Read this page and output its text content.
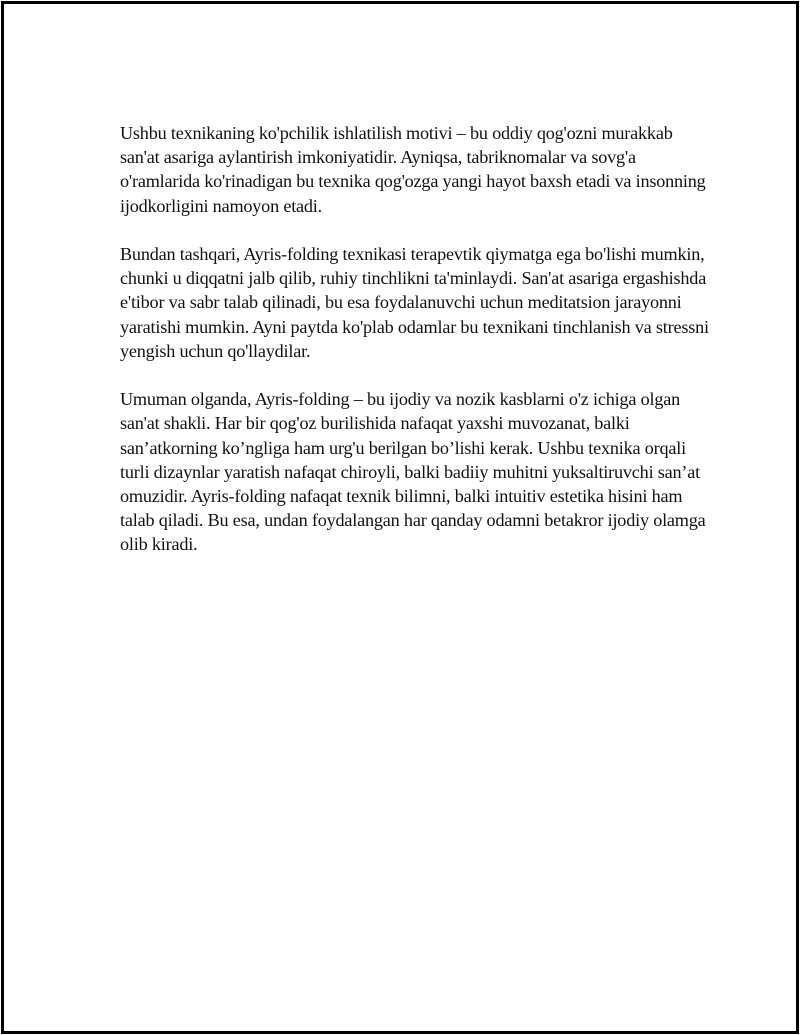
Ushbu texnikaning ko'pchilik ishlatilish motivi – bu oddiy qog'ozni murakkab san'at asariga aylantirish imkoniyatidir. Ayniqsa, tabriknomalar va sovg'a o'ramlarida ko'rinadigan bu texnika qog'ozga yangi hayot baxsh etadi va insonning ijodkorligini namoyon etadi.

Bundan tashqari, Ayris-folding texnikasi terapevtik qiymatga ega bo'lishi mumkin, chunki u diqqatni jalb qilib, ruhiy tinchlikni ta'minlaydi. San'at asariga ergashishda e'tibor va sabr talab qilinadi, bu esa foydalanuvchi uchun meditatsion jarayonni yaratishi mumkin. Ayni paytda ko'plab odamlar bu texnikani tinchlanish va stressni yengish uchun qo'llaydilar.

Umuman olganda, Ayris-folding – bu ijodiy va nozik kasblarni o'z ichiga olgan san'at shakli. Har bir qog'oz burilishida nafaqat yaxshi muvozanat, balki san’atkorning ko’ngliga ham urg'u berilgan bo’lishi kerak. Ushbu texnika orqali turli dizaynlar yaratish nafaqat chiroyli, balki badiiy muhitni yuksaltiruvchi san’at omuzidir. Ayris-folding nafaqat texnik bilimni, balki intuitiv estetika hisini ham talab qiladi. Bu esa, undan foydalangan har qanday odamni betakror ijodiy olamga olib kiradi.
